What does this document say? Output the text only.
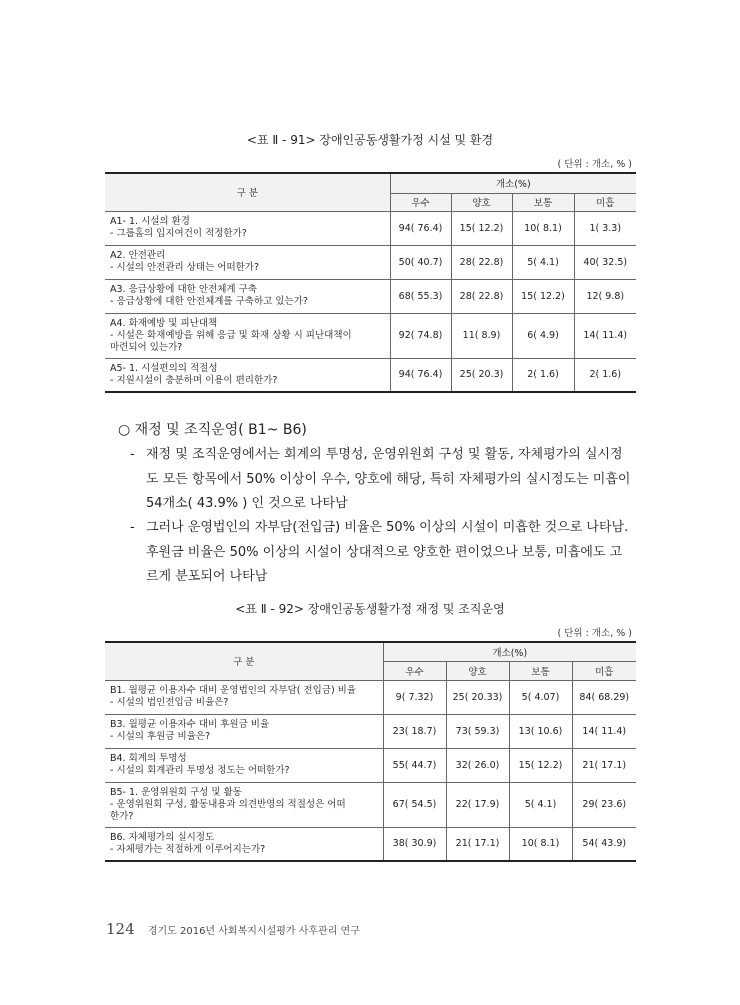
<표 Ⅱ - 91> 장애인공동생활가정 시설 및 환경
( 단위 : 개소, % )
구 분	개소(%)			
	우수	양호	보통	미흡

A1- 1. 시설의 환경
- 그룹홈의 입지여건이 적정한가?	94( 76.4)	15( 12.2)	10( 8.1)	1( 3.3)

A2. 안전관리
- 시설의 안전관리 상태는 어떠한가?	50( 40.7)	28( 22.8)	5( 4.1)	40( 32.5)

A3. 응급상황에 대한 안전체계 구축
- 응급상황에 대한 안전체계를 구축하고 있는가?	68( 55.3)	28( 22.8)	15( 12.2)	12( 9.8)

A4. 화재예방 및 피난대책
- 시설은 화재예방을 위해 응급 및 화재 상황 시 피난대책이
마련되어 있는가?	92( 74.8)	11( 8.9)	6( 4.9)	14( 11.4)

A5- 1. 시설편의의 적절성
- 지원시설이 충분하며 이용이 편리한가?	94( 76.4)	25( 20.3)	2( 1.6)	2( 1.6)
○ 재정 및 조직운영( B1~ B6)
- 재정 및 조직운영에서는 회계의 투명성, 운영위원회 구성 및 활동, 자체평가의 실시정
도 모든 항목에서 50% 이상이 우수, 양호에 해당, 특히 자체평가의 실시정도는 미흡이
54개소( 43.9% ) 인 것으로 나타남
- 그러나 운영법인의 자부담(전입금) 비율은 50% 이상의 시설이 미흡한 것으로 나타남.
후원금 비율은 50% 이상의 시설이 상대적으로 양호한 편이었으나 보통, 미흡에도 고
르게 분포되어 나타남
<표 Ⅱ - 92> 장애인공동생활가정 재정 및 조직운영
( 단위 : 개소, % )
구 분	개소(%)			
	우수	양호	보통	미흡

B1. 월평균 이용자수 대비 운영법인의 자부담( 전입금) 비율
- 시설의 법인전입금 비율은?	9( 7.32)	25( 20.33)	5( 4.07)	84( 68.29)

B3. 월평균 이용자수 대비 후원금 비율
- 시설의 후원금 비율은?	23( 18.7)	73( 59.3)	13( 10.6)	14( 11.4)

B4. 회계의 투명성
- 시설의 회계관리 투명성 정도는 어떠한가?	55( 44.7)	32( 26.0)	15( 12.2)	21( 17.1)

B5- 1. 운영위원회 구성 및 활동
- 운영위원회 구성, 활동내용과 의견반영의 적절성은 어떠
한가?	67( 54.5)	22( 17.9)	5( 4.1)	29( 23.6)

B6. 자체평가의 실시정도
- 자체평가는 적절하게 이루어지는가?	38( 30.9)	21( 17.1)	10( 8.1)	54( 43.9)
124 경기도 2016년 사회복지시설평가 사후관리 연구
